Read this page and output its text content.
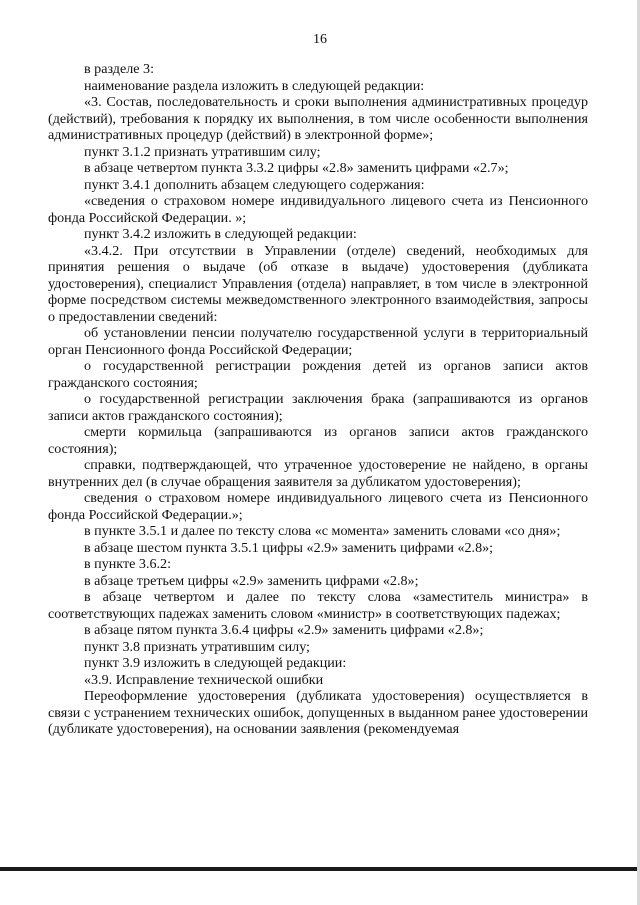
16

в разделе 3:

наименование раздела изложить в следующей редакции:

«3. Состав, последовательность и сроки выполнения административных процедур (действий), требования к порядку их выполнения, в том числе особенности выполнения административных процедур (действий) в электронной форме»;

пункт 3.1.2 признать утратившим силу;

в абзаце четвертом пункта 3.3.2 цифры «2.8» заменить цифрами «2.7»;

пункт 3.4.1 дополнить абзацем следующего содержания:

«сведения о страховом номере индивидуального лицевого счета из Пенсионного фонда Российской Федерации. »;

пункт 3.4.2 изложить в следующей редакции:

«3.4.2. При отсутствии в Управлении (отделе) сведений, необходимых для принятия решения о выдаче (об отказе в выдаче) удостоверения (дубликата удостоверения), специалист Управления (отдела) направляет, в том числе в электронной форме посредством системы межведомственного электронного взаимодействия, запросы о предоставлении сведений:

об установлении пенсии получателю государственной услуги в территориальный орган Пенсионного фонда Российской Федерации;

о государственной регистрации рождения детей из органов записи актов гражданского состояния;

о государственной регистрации заключения брака (запрашиваются из органов записи актов гражданского состояния);

смерти кормильца (запрашиваются из органов записи актов гражданского состояния);

справки, подтверждающей, что утраченное удостоверение не найдено, в органы внутренних дел (в случае обращения заявителя за дубликатом удостоверения);

сведения о страховом номере индивидуального лицевого счета из Пенсионного фонда Российской Федерации.»;

в пункте 3.5.1 и далее по тексту слова «с момента» заменить словами «со дня»;

в абзаце шестом пункта 3.5.1 цифры «2.9» заменить цифрами «2.8»;

в пункте 3.6.2:

в абзаце третьем цифры «2.9» заменить цифрами «2.8»;

в абзаце четвертом и далее по тексту слова «заместитель министра» в соответствующих падежах заменить словом «министр» в соответствующих падежах;

в абзаце пятом пункта 3.6.4 цифры «2.9» заменить цифрами «2.8»;

пункт 3.8 признать утратившим силу;

пункт 3.9 изложить в следующей редакции:

«3.9. Исправление технической ошибки

Переоформление удостоверения (дубликата удостоверения) осуществляется в связи с устранением технических ошибок, допущенных в выданном ранее удостоверении (дубликате удостоверения), на основании заявления (рекомендуемая
